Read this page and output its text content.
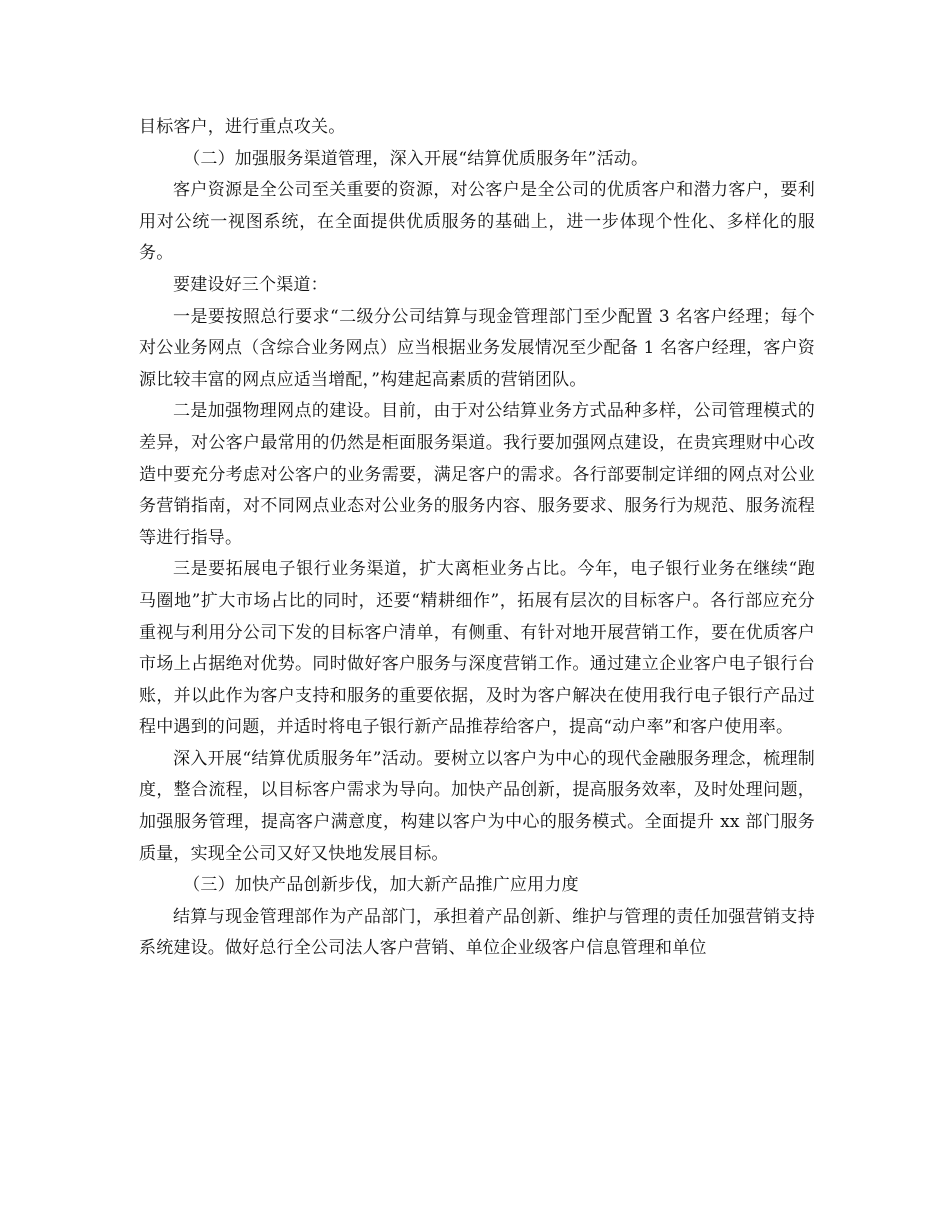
目标客户，进行重点攻关。

（二）加强服务渠道管理，深入开展“结算优质服务年”活动。

客户资源是全公司至关重要的资源，对公客户是全公司的优质客户和潜力客户，要利用对公统一视图系统，在全面提供优质服务的基础上，进一步体现个性化、多样化的服务。

要建设好三个渠道：

一是要按照总行要求“二级分公司结算与现金管理部门至少配置 3 名客户经理；每个对公业务网点（含综合业务网点）应当根据业务发展情况至少配备 1 名客户经理，客户资源比较丰富的网点应适当增配，”构建起高素质的营销团队。

二是加强物理网点的建设。目前，由于对公结算业务方式品种多样，公司管理模式的差异，对公客户最常用的仍然是柜面服务渠道。我行要加强网点建设，在贵宾理财中心改造中要充分考虑对公客户的业务需要，满足客户的需求。各行部要制定详细的网点对公业务营销指南，对不同网点业态对公业务的服务内容、服务要求、服务行为规范、服务流程等进行指导。

三是要拓展电子银行业务渠道，扩大离柜业务占比。今年，电子银行业务在继续“跑马圈地”扩大市场占比的同时，还要“精耕细作”，拓展有层次的目标客户。各行部应充分重视与利用分公司下发的目标客户清单，有侧重、有针对地开展营销工作，要在优质客户市场上占据绝对优势。同时做好客户服务与深度营销工作。通过建立企业客户电子银行台账，并以此作为客户支持和服务的重要依据，及时为客户解决在使用我行电子银行产品过程中遇到的问题，并适时将电子银行新产品推荐给客户，提高“动户率”和客户使用率。

深入开展“结算优质服务年”活动。要树立以客户为中心的现代金融服务理念，梳理制度，整合流程，以目标客户需求为导向。加快产品创新，提高服务效率，及时处理问题，加强服务管理，提高客户满意度，构建以客户为中心的服务模式。全面提升 xx 部门服务质量，实现全公司又好又快地发展目标。

（三）加快产品创新步伐，加大新产品推广应用力度

结算与现金管理部作为产品部门，承担着产品创新、维护与管理的责任加强营销支持系统建设。做好总行全公司法人客户营销、单位企业级客户信息管理和单位
